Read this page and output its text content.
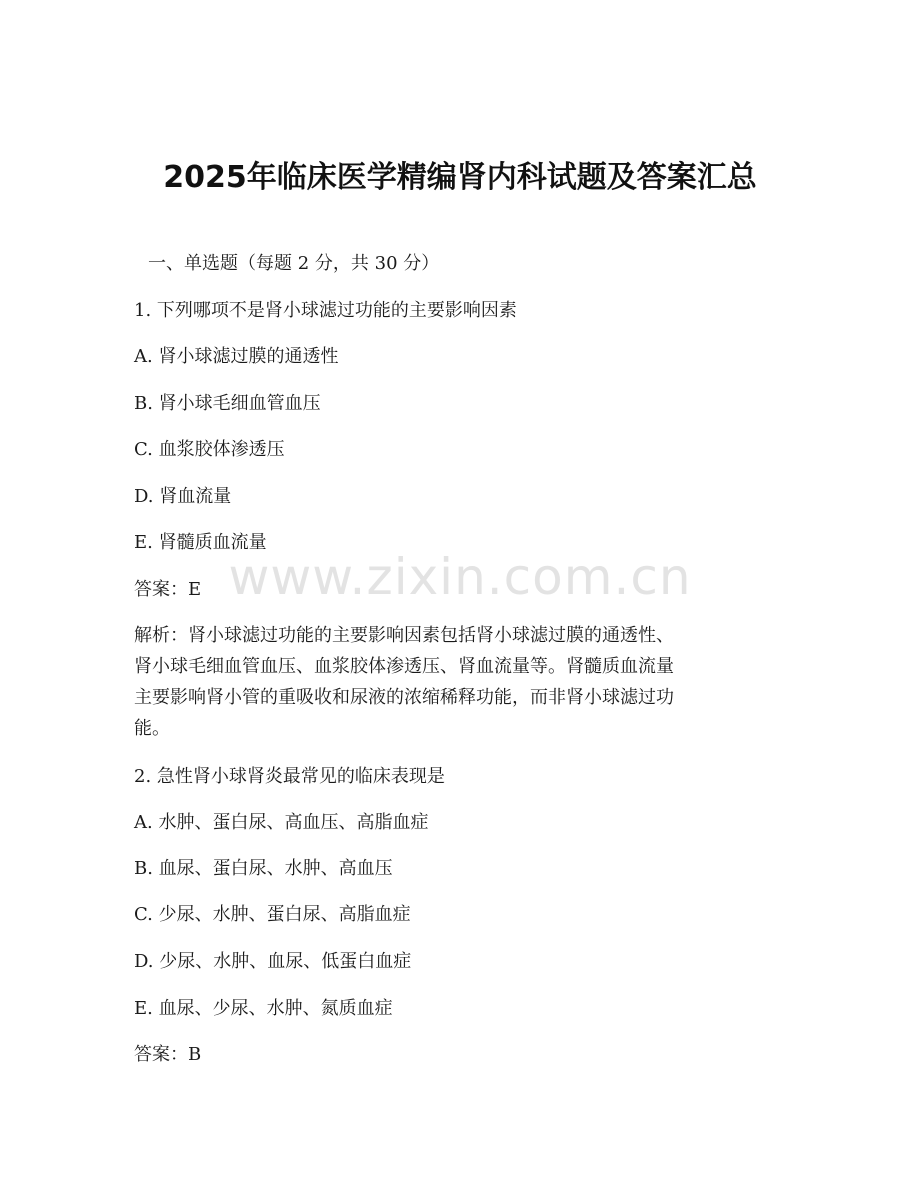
www.zixin.com.cn
2025年临床医学精编肾内科试题及答案汇总
一、单选题（每题 2 分，共 30 分）
1. 下列哪项不是肾小球滤过功能的主要影响因素
A. 肾小球滤过膜的通透性
B. 肾小球毛细血管血压
C. 血浆胶体渗透压
D. 肾血流量
E. 肾髓质血流量
答案：E
解析：肾小球滤过功能的主要影响因素包括肾小球滤过膜的通透性、
肾小球毛细血管血压、血浆胶体渗透压、肾血流量等。肾髓质血流量
主要影响肾小管的重吸收和尿液的浓缩稀释功能，而非肾小球滤过功
能。
2. 急性肾小球肾炎最常见的临床表现是
A. 水肿、蛋白尿、高血压、高脂血症
B. 血尿、蛋白尿、水肿、高血压
C. 少尿、水肿、蛋白尿、高脂血症
D. 少尿、水肿、血尿、低蛋白血症
E. 血尿、少尿、水肿、氮质血症
答案：B
